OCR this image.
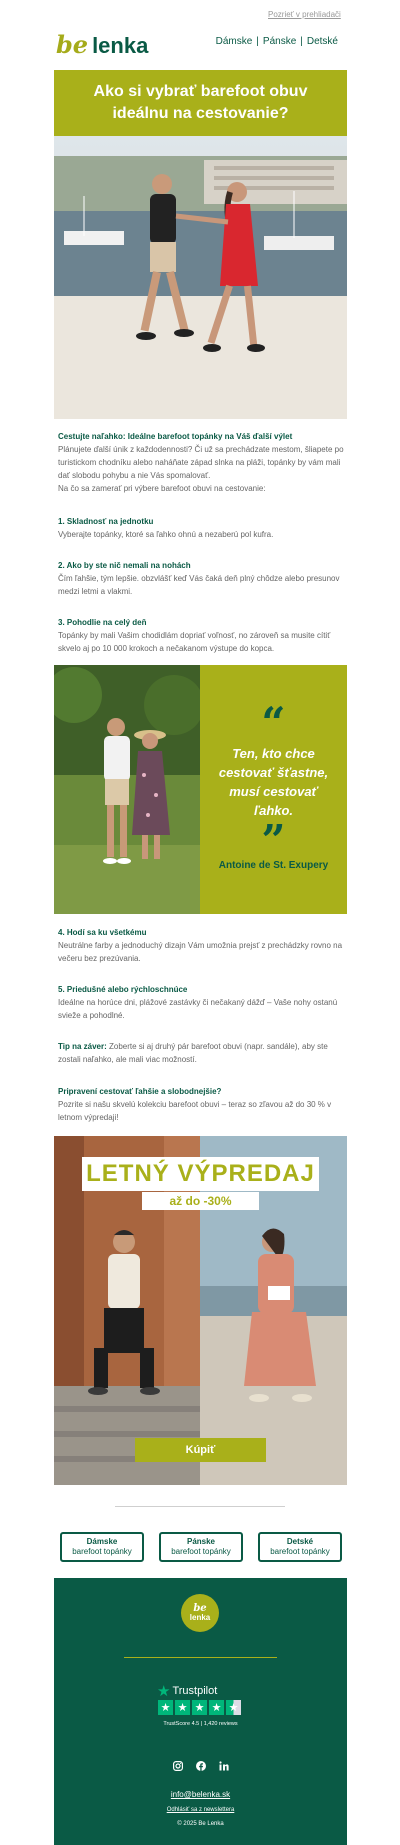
Pozrieť v prehliadači
be lenka	Dámske | Pánske | Detské
Ako si vybrať barefoot obuv ideálnu na cestovanie?
Cestujte naľahko: Ideálne barefoot topánky na Váš ďalší výlet
Plánujete ďalší únik z každodennosti? Či už sa prechádzate mestom, šliapete po turistickom chodníku alebo naháňate západ slnka na pláži, topánky by vám mali dať slobodu pohybu a nie Vás spomalovať.
Na čo sa zamerať pri výbere barefoot obuvi na cestovanie:
1. Skladnosť na jednotku
Vyberajte topánky, ktoré sa ľahko ohnú a nezaberú pol kufra.
2. Ako by ste nič nemali na nohách
Čím ľahšie, tým lepšie. obzvlášť keď Vás čaká deň plný chôdze alebo presunov medzi letmi a vlakmi.
3. Pohodlie na celý deň
Topánky by mali Vašim chodidlám dopriať voľnosť, no zároveň sa musite cítiť skvelo aj po 10 000 krokoch a nečakanom výstupe do kopca.
“
Ten, kto chce cestovať šťastne, musí cestovať ľahko.
”
Antoine de St. Exupery
4. Hodí sa ku všetkému
Neutrálne farby a jednoduchý dizajn Vám umožnia prejsť z prechádzky rovno na večeru bez prezúvania.
5. Priedušné alebo rýchloschnúce
Ideálne na horúce dni, plážové zastávky či nečakaný dážď – Vaše nohy ostanú svieže a pohodlné.
Tip na záver: Zoberte si aj druhý pár barefoot obuvi (napr. sandále), aby ste zostali naľahko, ale mali viac možností.
Pripravení cestovať ľahšie a slobodnejšie?
Pozrite si našu skvelú kolekciu barefoot obuvi – teraz so zľavou až do 30 % v letnom výpredaji!
LETNÝ VÝPREDAJ
až do -30%
Kúpiť
Dámske
barefoot topánky
Pánske
barefoot topánky
Detské
barefoot topánky
be
lenka
★ Trustpilot
★ ★ ★ ★ ★
TrustScore 4.5 | 1,420 reviews
info@belenka.sk
Odhlásiť sa z newslettera
© 2025 Be Lenka
